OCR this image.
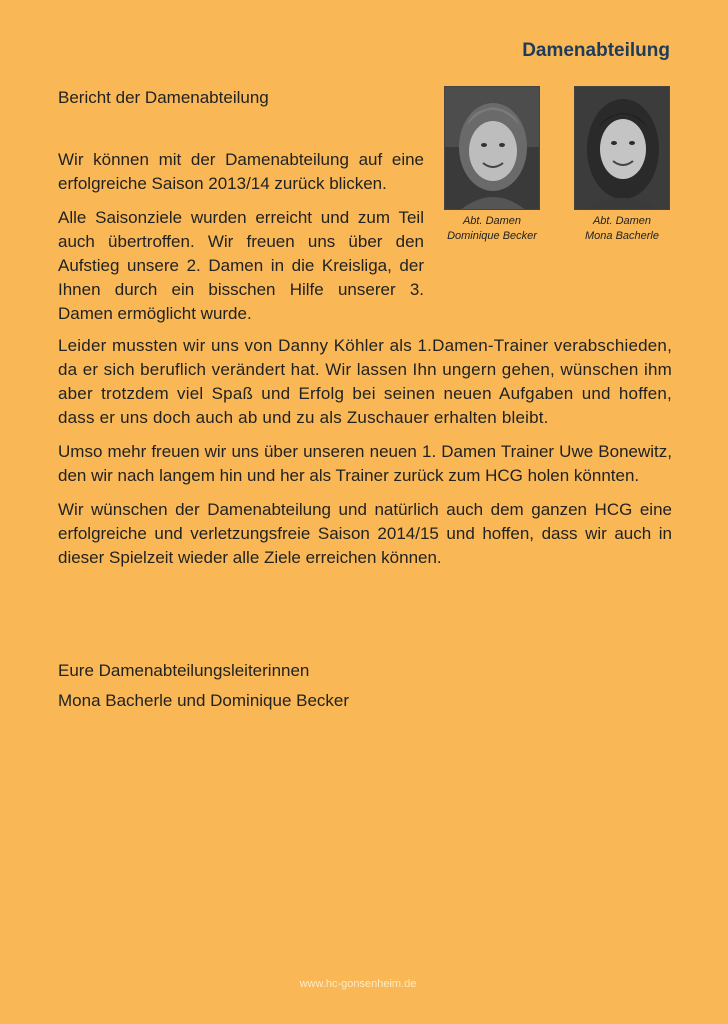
Damenabteilung
Bericht der Damenabteilung

Wir können mit der Damenabteilung auf eine erfolgreiche Saison 2013/14 zurück blicken.

Alle Saisonziele wurden erreicht und zum Teil auch übertroffen. Wir freuen uns über den Aufstieg unsere 2. Damen in die Kreisliga, der Ihnen durch ein bisschen Hilfe unserer 3. Damen ermöglicht wurde.

Abt. Damen
Dominique Becker
Abt. Damen
Mona Bacherle

Leider mussten wir uns von Danny Köhler als 1.Damen-Trainer verabschieden, da er sich beruflich verändert hat. Wir lassen Ihn ungern gehen, wünschen ihm aber trotzdem viel Spaß und Erfolg bei seinen neuen Aufgaben und hoffen, dass er uns doch auch ab und zu als Zuschauer erhalten bleibt.

Umso mehr freuen wir uns über unseren neuen 1. Damen Trainer Uwe Bonewitz, den wir nach langem hin und her als Trainer zurück zum HCG holen könnten.

Wir wünschen der Damenabteilung und natürlich auch dem ganzen HCG eine erfolgreiche und verletzungsfreie Saison 2014/15 und hoffen, dass wir auch in dieser Spielzeit wieder alle Ziele erreichen können.

Eure Damenabteilungsleiterinnen
Mona Bacherle und Dominique Becker
www.hc-gonsenheim.de
